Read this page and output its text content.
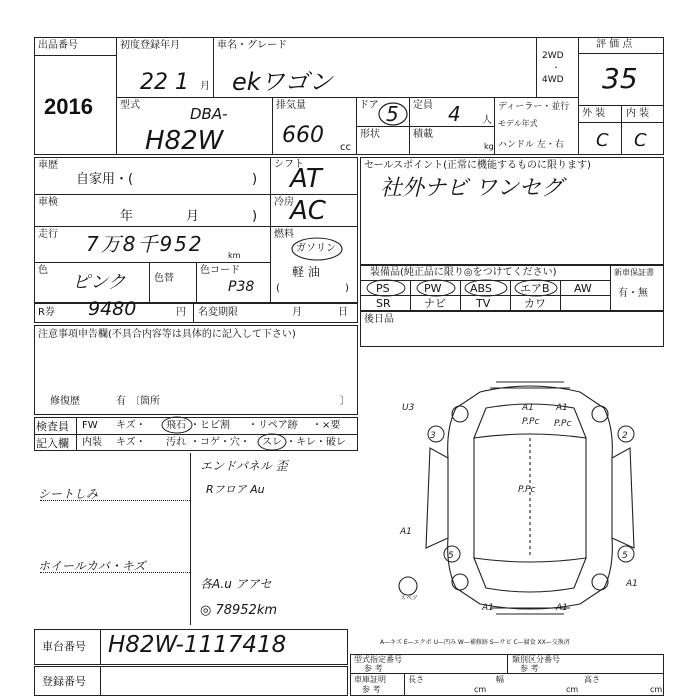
出品番号
2016
初度登録年月
22 1 月
車名・グレード
ekワゴン
2WD
・
4WD
評 価 点
35
型式	DBA-
H82W
排気量
660 cc
ドア 5 定員 4 人
形状	積載
kg
ディーラー・並行
モデル年式
ハンドル 左・右
外 装 内 装
C C
車歴
自家用・(	)
車検
年	月	)
走行 7万8千952	km
色
ピンク	色替
色コード
P38
シフト
AT
冷房
AC
燃料
ガソリン
軽 油
(	)
R券 9480	円 名変期限	月	日
注意事項申告欄(不具合内容等は具体的に記入して下さい)
修復歴	有 〔箇所	〕
検査員
記入欄
FW キズ・ 飛石 ・ヒビ割 ・リペア跡 ・×要
内装 キズ・ 汚れ ・コゲ・穴・ スレ ・キレ・破レ
エンドパネル 歪
シートしみ	Rフロア Au
ホイールカバ・キズ
各A.u アアセ
◎ 78952km
セールスポイント(正常に機能するものに限ります)
社外ナビ ワンセグ
装備品(純正品に限り◎をつけてください)
PS	PW	ABS	エアB AW
SR	ナビ	TV	カワ
新車保証書
有・無
後日品
U3	A1
P.Pc
A1
P.Pc
3	2
P.Pc
A1
5	5
A1
A1	A1
スペア
A—キズ E—エクボ U—凹み W—補修跡 S—サビ C—腐食 XX—交換済
車台番号 H82W-1117418
登録番号
型式指定番号
参 考
類別区分番号
参 考
車庫証明
参 考
長さ
cm
幅
cm
高さ
cm
